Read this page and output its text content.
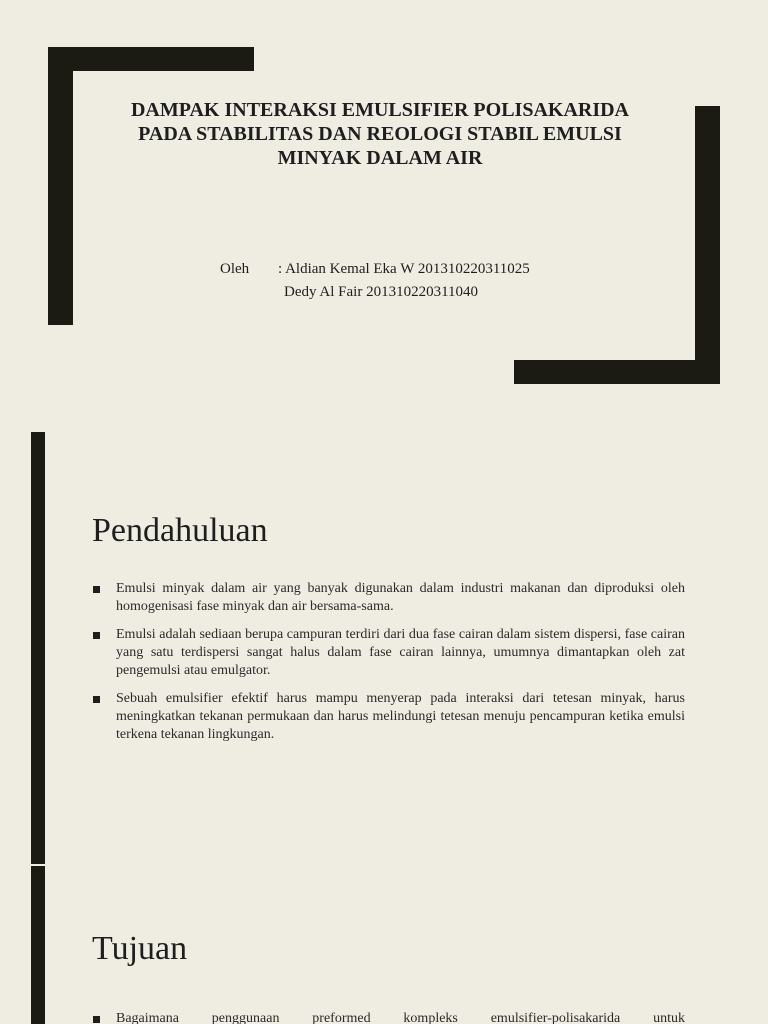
DAMPAK INTERAKSI EMULSIFIER POLISAKARIDA PADA STABILITAS DAN REOLOGI STABIL EMULSI MINYAK DALAM AIR
Oleh	: Aldian Kemal Eka W 201310220311025
Dedy Al Fair 201310220311040
Pendahuluan
Emulsi minyak dalam air yang banyak digunakan dalam industri makanan dan diproduksi oleh homogenisasi fase minyak dan air bersama-sama.
Emulsi adalah sediaan berupa campuran terdiri dari dua fase cairan dalam sistem dispersi, fase cairan yang satu terdispersi sangat halus dalam fase cairan lainnya, umumnya dimantapkan oleh zat pengemulsi atau emulgator.
Sebuah emulsifier efektif harus mampu menyerap pada interaksi dari tetesan minyak, harus meningkatkan tekanan permukaan dan harus melindungi tetesan menuju pencampuran ketika emulsi terkena tekanan lingkungan.
Tujuan
Bagaimana penggunaan preformed kompleks emulsifier-polisakarida untuk
